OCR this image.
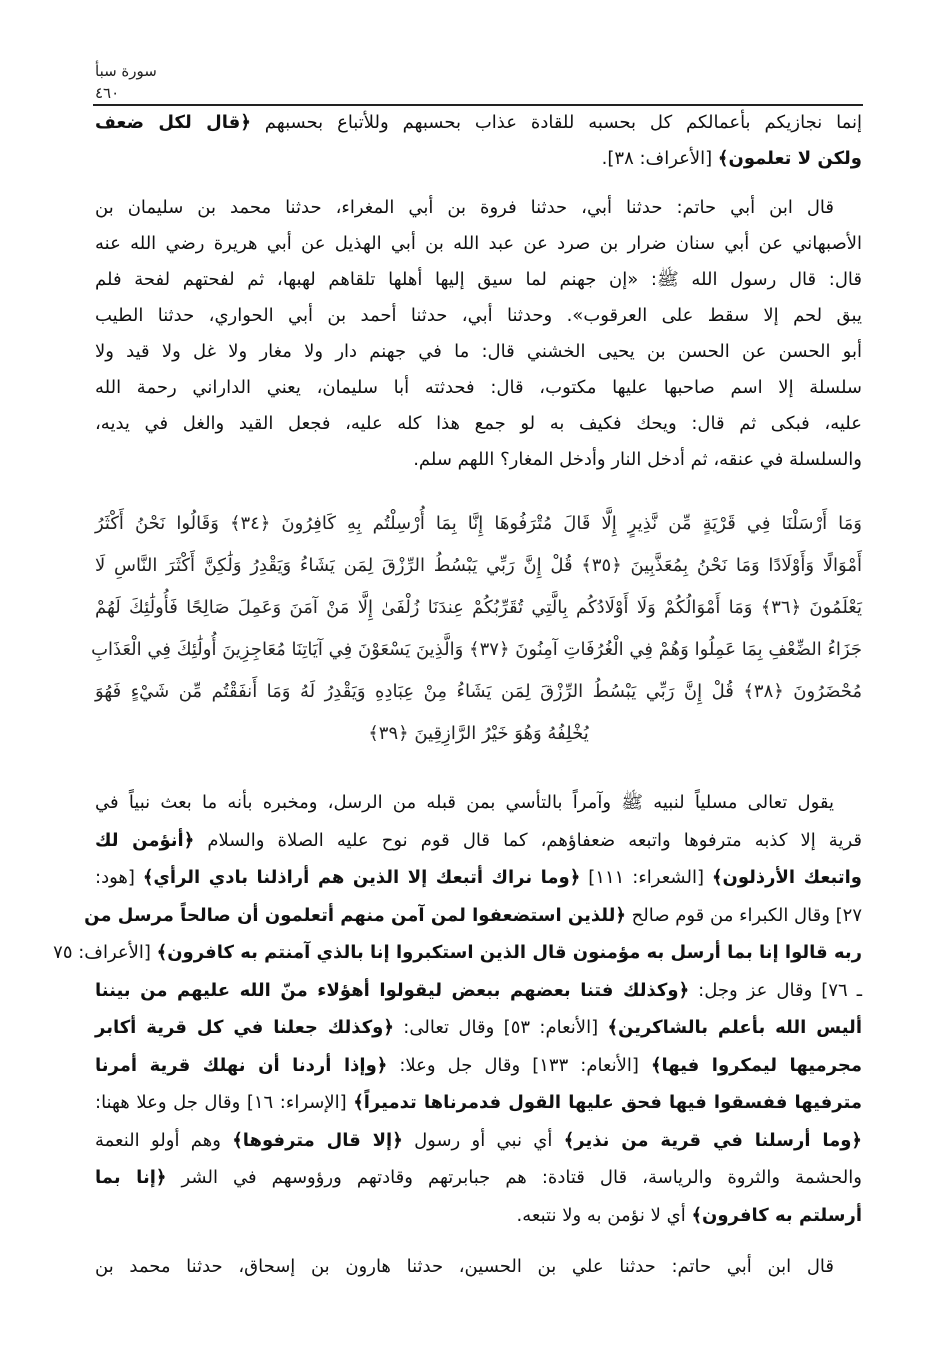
سورة سبأ
٤٦٠
إنما نجازيكم بأعمالكم كل بحسبه للقادة عذاب بحسبهم وللأتباع بحسبهم ﴿قال لكل ضعف
ولكن لا تعلمون﴾ [الأعراف: ٣٨].
قال ابن أبي حاتم: حدثنا أبي، حدثنا فروة بن أبي المغراء، حدثنا محمد بن سليمان بن
الأصبهاني عن أبي سنان ضرار بن صرد عن عبد الله بن أبي الهذيل عن أبي هريرة رضي الله عنه
قال: قال رسول الله ﷺ: «إن جهنم لما سيق إليها أهلها تلقاهم لهبها، ثم لفحتهم لفحة فلم
يبق لحم إلا سقط على العرقوب». وحدثنا أبي، حدثنا أحمد بن أبي الحواري، حدثنا الطيب
أبو الحسن عن الحسن بن يحيى الخشني قال: ما في جهنم دار ولا مغار ولا غل ولا قيد ولا
سلسلة إلا اسم صاحبها عليها مكتوب، قال: فحدثته أبا سليمان، يعني الداراني رحمة الله
عليه، فبكى ثم قال: ويحك فكيف به لو جمع هذا كله عليه، فجعل القيد والغل في يديه،
والسلسلة في عنقه، ثم أدخل النار وأدخل المغار؟ اللهم سلم.
وَمَا أَرْسَلْنَا فِي قَرْيَةٍ مِّن نَّذِيرٍ إِلَّا قَالَ مُتْرَفُوهَا إِنَّا بِمَا أُرْسِلْتُم بِهِ كَافِرُونَ ﴿٣٤﴾ وَقَالُوا نَحْنُ أَكْثَرُ
أَمْوَالًا وَأَوْلَادًا وَمَا نَحْنُ بِمُعَذَّبِينَ ﴿٣٥﴾ قُلْ إِنَّ رَبِّي يَبْسُطُ الرِّزْقَ لِمَن يَشَاءُ وَيَقْدِرُ وَلَٰكِنَّ أَكْثَرَ النَّاسِ لَا
يَعْلَمُونَ ﴿٣٦﴾ وَمَا أَمْوَالُكُمْ وَلَا أَوْلَادُكُم بِالَّتِي تُقَرِّبُكُمْ عِندَنَا زُلْفَىٰ إِلَّا مَنْ آمَنَ وَعَمِلَ صَالِحًا فَأُولَٰئِكَ لَهُمْ
جَزَاءُ الضِّعْفِ بِمَا عَمِلُوا وَهُمْ فِي الْغُرُفَاتِ آمِنُونَ ﴿٣٧﴾ وَالَّذِينَ يَسْعَوْنَ فِي آيَاتِنَا مُعَاجِزِينَ أُولَٰئِكَ فِي الْعَذَابِ
مُحْضَرُونَ ﴿٣٨﴾ قُلْ إِنَّ رَبِّي يَبْسُطُ الرِّزْقَ لِمَن يَشَاءُ مِنْ عِبَادِهِ وَيَقْدِرُ لَهُ وَمَا أَنفَقْتُم مِّن شَيْءٍ فَهُوَ
يُخْلِفُهُ وَهُوَ خَيْرُ الرَّازِقِينَ ﴿٣٩﴾
يقول تعالى مسلياً لنبيه ﷺ وآمراً بالتأسي بمن قبله من الرسل، ومخبره بأنه ما بعث نبياً في
قرية إلا كذبه مترفوها واتبعه ضعفاؤهم، كما قال قوم نوح عليه الصلاة والسلام ﴿أنؤمن لك
واتبعك الأرذلون﴾ [الشعراء: ١١١] ﴿وما نراك أتبعك إلا الذين هم أراذلنا بادي الرأي﴾ [هود:
٢٧] وقال الكبراء من قوم صالح ﴿للذين استضعفوا لمن آمن منهم أتعلمون أن صالحاً مرسل من
ربه قالوا إنا بما أرسل به مؤمنون قال الذين استكبروا إنا بالذي آمنتم به كافرون﴾ [الأعراف: ٧٥
ـ ٧٦] وقال عز وجل: ﴿وكذلك فتنا بعضهم ببعض ليقولوا أهؤلاء منّ الله عليهم من بيننا
أليس الله بأعلم بالشاكرين﴾ [الأنعام: ٥٣] وقال تعالى: ﴿وكذلك جعلنا في كل قرية أكابر
مجرميها ليمكروا فيها﴾ [الأنعام: ١٣٣] وقال جل وعلا: ﴿وإذا أردنا أن نهلك قرية أمرنا
مترفيها ففسقوا فيها فحق عليها القول فدمرناها تدميراً﴾ [الإسراء: ١٦] وقال جل وعلا ههنا:
﴿وما أرسلنا في قرية من نذير﴾ أي نبي أو رسول ﴿إلا قال مترفوها﴾ وهم أولو النعمة
والحشمة والثروة والرياسة، قال قتادة: هم جبابرتهم وقادتهم ورؤوسهم في الشر ﴿إنا بما
أرسلتم به كافرون﴾ أي لا نؤمن به ولا نتبعه.
قال ابن أبي حاتم: حدثنا علي بن الحسين، حدثنا هارون بن إسحاق، حدثنا محمد بن
